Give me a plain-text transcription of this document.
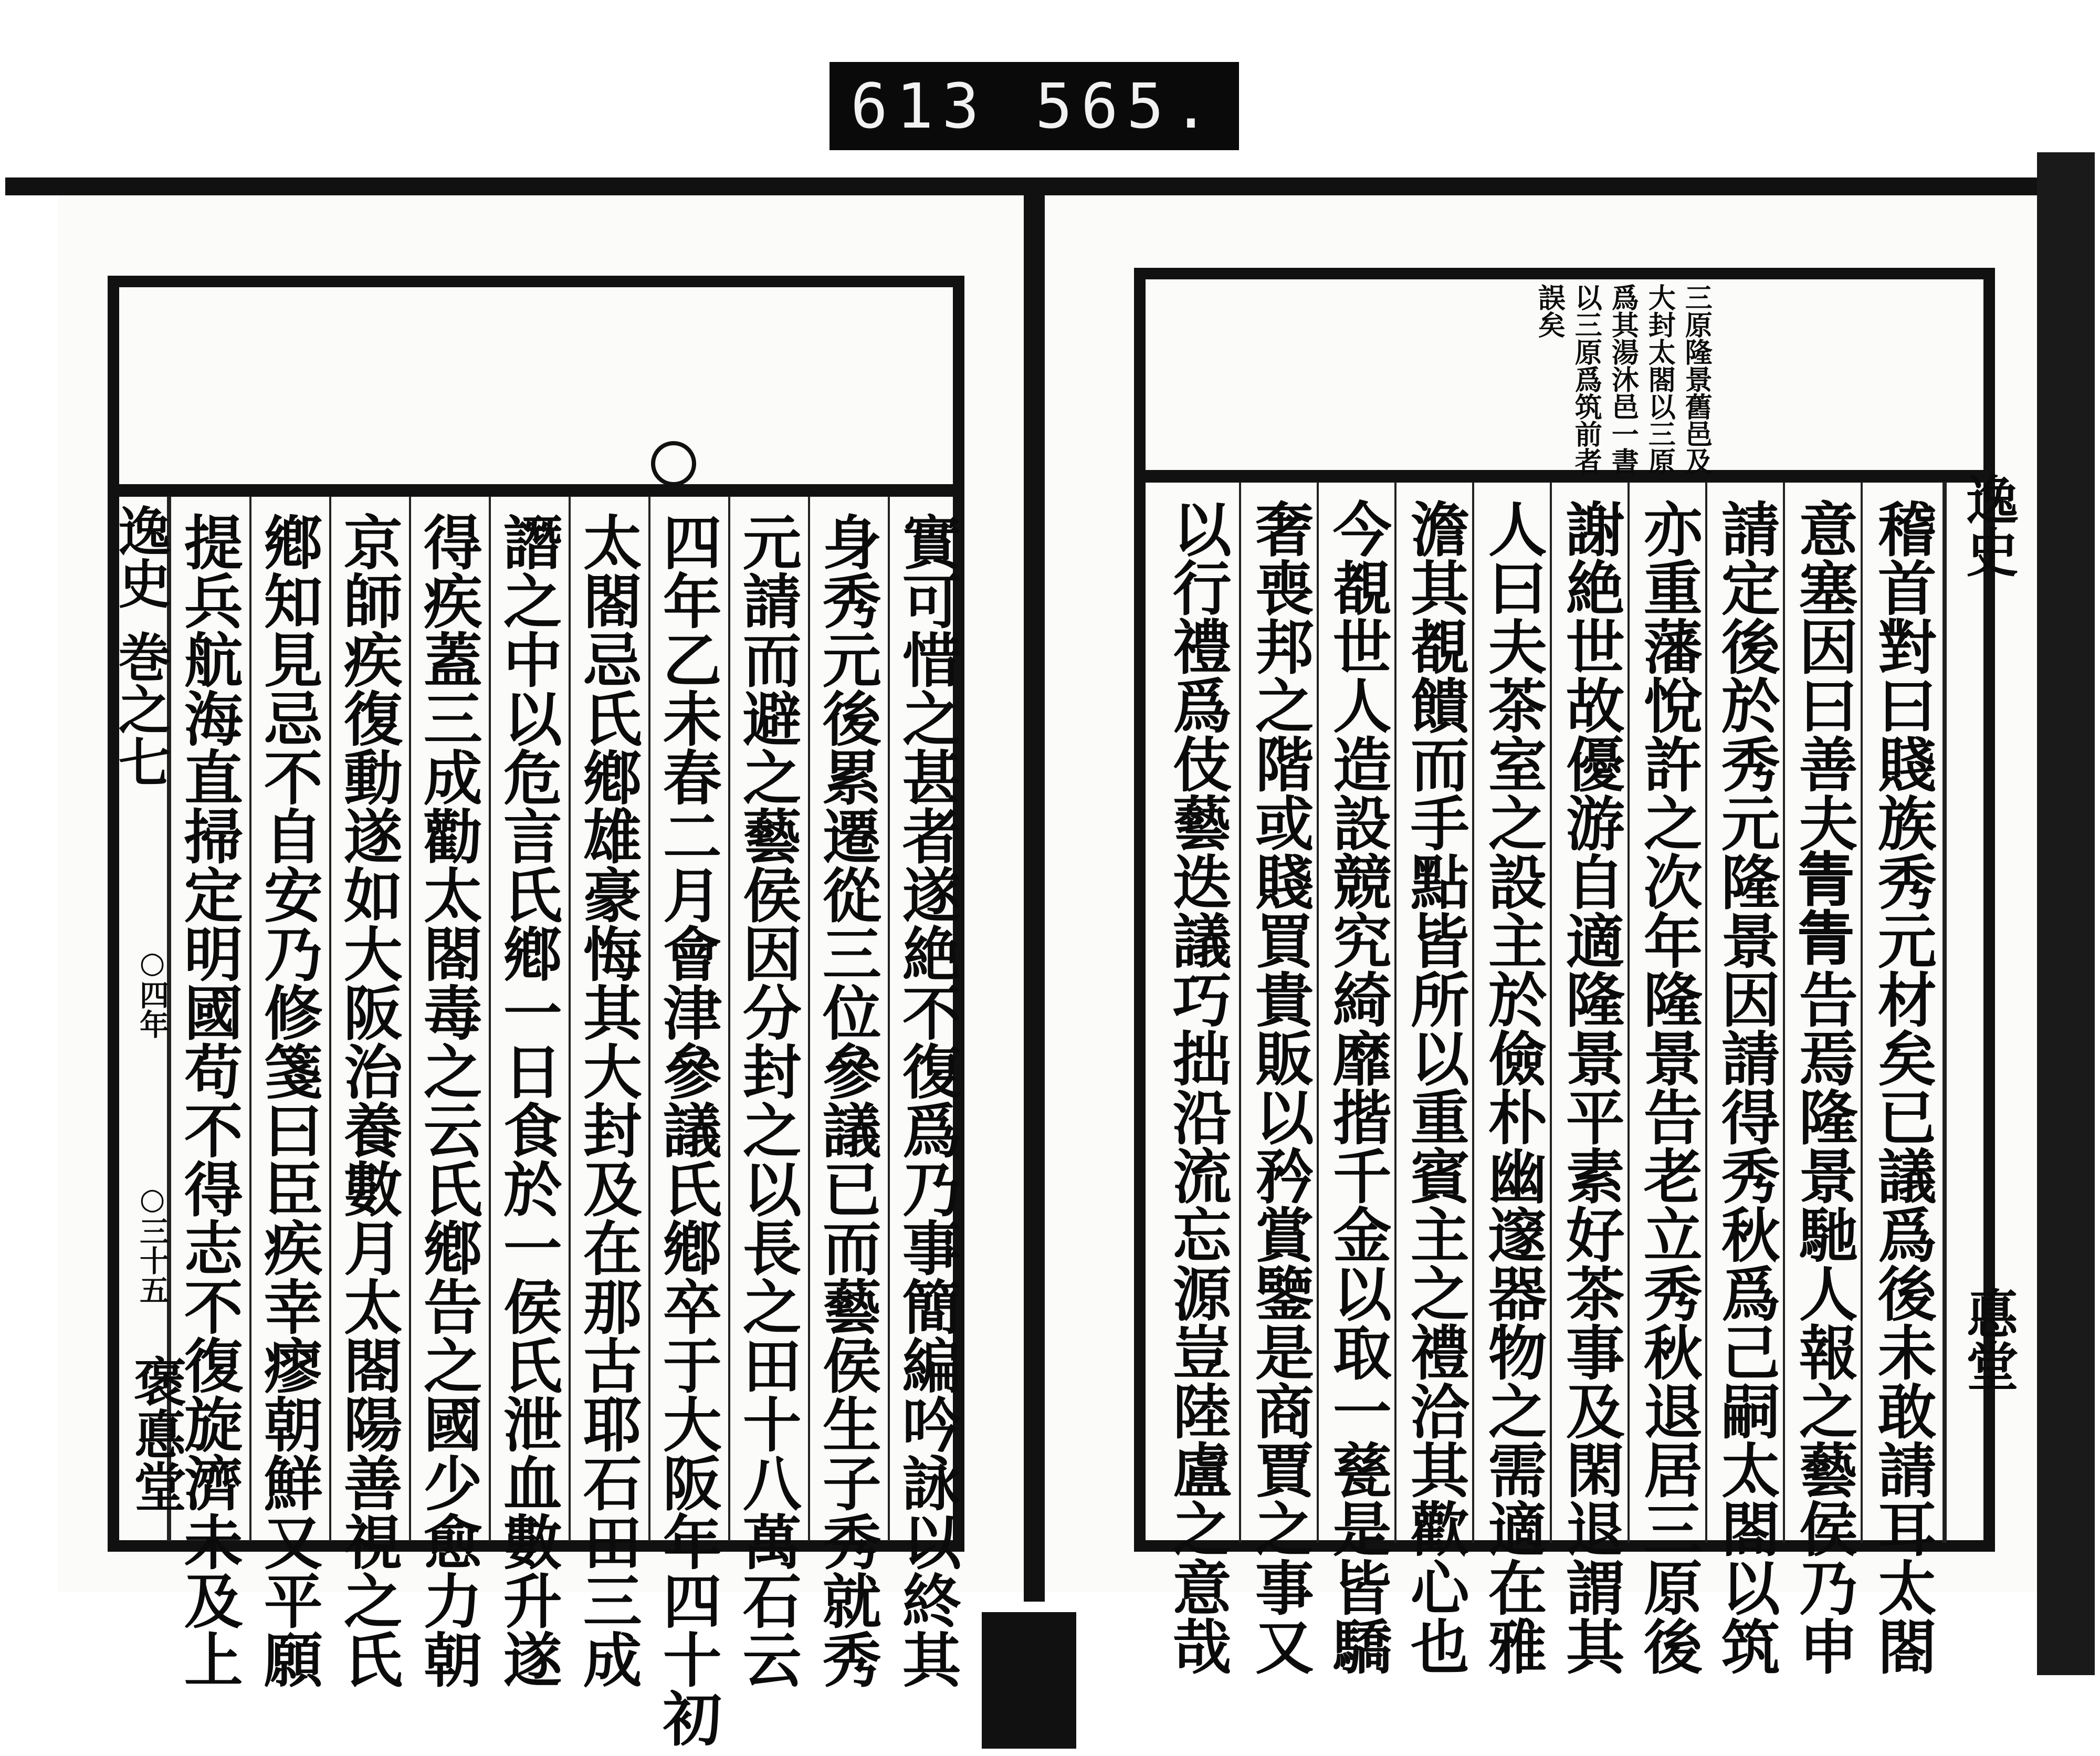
613 565.
逸史
巻之七
○四年
○三十五
褒悳堂	實可惜之甚者遂絶不復爲乃事簡編吟詠以終其
身秀元後累遷從三位參議已而藝侯生子秀就秀
元請而避之藝侯因分封之以長之田十八萬石云
四年乙未春二月會津參議氏鄕卒于大阪年四十初
太閤忌氏鄕雄豪悔其大封及在那古耶石田三成
譖之中以危言氏鄕一日食於一侯氏泄血數升遂
得疾蓋三成勸太閤毒之云氏鄕告之國少愈力朝
京師疾復動遂如大阪治養數月太閤陽善視之氏
鄕知見忌不自安乃修箋曰臣疾幸瘳朝鮮又平願
提兵航海直掃定明國苟不得志不復旋濟未及上
三原隆景舊邑及
大封太閤以三原
爲其湯沐邑一書
以三原爲筑前者
誤矣
逸史
悳堂
稽首對曰賤族秀元材矣已議爲後未敢請耳太閤
意塞因曰善夫𤯝𤯝告焉隆景馳人報之藝侯乃申
請定後於秀元隆景因請得秀秋爲己嗣太閤以筑
亦重藩悅許之次年隆景告老立秀秋退居三原後
謝絶世故優游自適隆景平素好茶事及閑退謂其
人曰夫茶室之設主於儉朴幽邃器物之需適在雅
澹其覩饋而手點皆所以重賓主之禮洽其歡心也
今覩世人造設競究綺靡揩千金以取一甆是皆驕
奢喪邦之階或賤買貴販以矜賞鑒是商賈之事又
以行禮爲伎藝迭議巧拙沿流忘源豈陸盧之意哉
